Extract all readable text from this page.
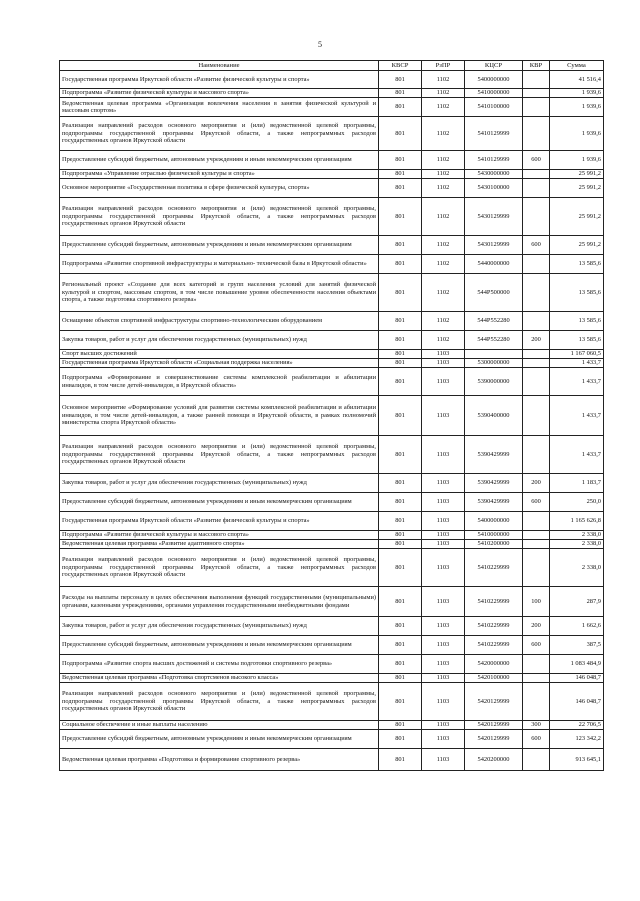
5
Наименование	КВСР	РзПР	КЦСР	КВР	Сумма
Государственная программа Иркутской области «Развитие физической культуры и спорта»	801	1102	5400000000		41 516,4
Подпрограмма «Развитие физической культуры и массового спорта»	801	1102	5410000000		1 939,6
Ведомственная целевая программа «Организация вовлечения населения в занятия физической культурой и массовым спортом»	801	1102	5410100000		1 939,6
Реализация направлений расходов основного мероприятия и (или) ведомственной целевой программы, подпрограммы государственной программы Иркутской области, а также непрограммных расходов государственных органов Иркутской области	801	1102	5410129999		1 939,6
Предоставление субсидий бюджетным, автономным учреждениям и иным некоммерческим организациям	801	1102	5410129999	600	1 939,6
Подпрограмма «Управление отраслью физической культуры и спорта»	801	1102	5430000000		25 991,2
Основное мероприятие «Государственная политика в сфере физической культуры, спорта»	801	1102	5430100000		25 991,2
Реализация направлений расходов основного мероприятия и (или) ведомственной целевой программы, подпрограммы государственной программы Иркутской области, а также непрограммных расходов государственных органов Иркутской области	801	1102	5430129999		25 991,2
Предоставление субсидий бюджетным, автономным учреждениям и иным некоммерческим организациям	801	1102	5430129999	600	25 991,2
Подпрограмма «Развитие спортивной инфраструктуры и материально- технической базы в Иркутской области»	801	1102	5440000000		13 585,6
Региональный проект «Создание для всех категорий и групп населения условий для занятий физической культурой и спортом, массовым спортом, в том числе повышение уровня обеспеченности населения объектами спорта, а также подготовка спортивного резерва»	801	1102	544P500000		13 585,6
Оснащение объектов спортивной инфраструктуры спортивно-технологическим оборудованием	801	1102	544P552280		13 585,6
Закупка товаров, работ и услуг для обеспечения государственных (муниципальных) нужд	801	1102	544P552280	200	13 585,6
Спорт высших достижений	801	1103			1 167 060,5
Государственная программа Иркутской области «Социальная поддержка населения»	801	1103	5300000000		1 433,7
Подпрограмма «Формирование и совершенствование системы комплексной реабилитации и абилитации инвалидов, в том числе детей-инвалидов, в Иркутской области»	801	1103	5390000000		1 433,7
Основное мероприятие «Формирование условий для развития системы комплексной реабилитации и абилитации инвалидов, в том числе детей-инвалидов, а также ранней помощи в Иркутской области, в рамках полномочий министерства спорта Иркутской области»	801	1103	5390400000		1 433,7
Реализация направлений расходов основного мероприятия и (или) ведомственной целевой программы, подпрограммы государственной программы Иркутской области, а также непрограммных расходов государственных органов Иркутской области	801	1103	5390429999		1 433,7
Закупка товаров, работ и услуг для обеспечения государственных (муниципальных) нужд	801	1103	5390429999	200	1 183,7
Предоставление субсидий бюджетным, автономным учреждениям и иным некоммерческим организациям	801	1103	5390429999	600	250,0
Государственная программа Иркутской области «Развитие физической культуры и спорта»	801	1103	5400000000		1 165 626,8
Подпрограмма «Развитие физической культуры и массового спорта»	801	1103	5410000000		2 338,0
Ведомственная целевая программа «Развитие адаптивного спорта»	801	1103	5410200000		2 338,0
Реализация направлений расходов основного мероприятия и (или) ведомственной целевой программы, подпрограммы государственной программы Иркутской области, а также непрограммных расходов государственных органов Иркутской области	801	1103	5410229999		2 338,0
Расходы на выплаты персоналу в целях обеспечения выполнения функций государственными (муниципальными) органами, казенными учреждениями, органами управления государственными внебюджетными фондами	801	1103	5410229999	100	287,9
Закупка товаров, работ и услуг для обеспечения государственных (муниципальных) нужд	801	1103	5410229999	200	1 662,6
Предоставление субсидий бюджетным, автономным учреждениям и иным некоммерческим организациям	801	1103	5410229999	600	387,5
Подпрограмма «Развитие спорта высших достижений и системы подготовки спортивного резерва»	801	1103	5420000000		1 083 484,9
Ведомственная целевая программа «Подготовка спортсменов высокого класса»	801	1103	5420100000		146 048,7
Реализация направлений расходов основного мероприятия и (или) ведомственной целевой программы, подпрограммы государственной программы Иркутской области, а также непрограммных расходов государственных органов Иркутской области	801	1103	5420129999		146 048,7
Социальное обеспечение и иные выплаты населению	801	1103	5420129999	300	22 706,5
Предоставление субсидий бюджетным, автономным учреждениям и иным некоммерческим организациям	801	1103	5420129999	600	123 342,2
Ведомственная целевая программа «Подготовка и формирование спортивного резерва»	801	1103	5420200000		913 645,1
